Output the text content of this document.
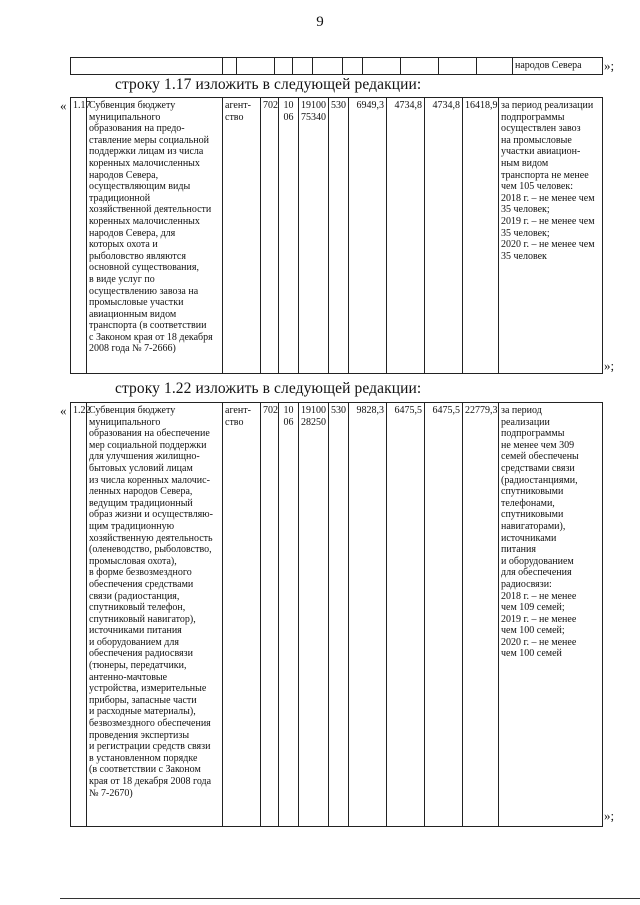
9
											народов Севера »;
строку 1.17 изложить в следующей редакции:
« 1.17	Субвенция бюджету
муниципального
образования на предо-
ставление меры социальной
поддержки лицам из числа
коренных малочисленных
народов Севера,
осуществляющим виды
традиционной
хозяйственной деятельности
коренных малочисленных
народов Севера, для
которых охота и
рыболовство являются
основной существования,
в виде услуг по
осуществлению завоза на
промысловые участки
авиационным видом
транспорта (в соответствии
с Законом края от 18 декабря
2008 года № 7-2666)	агент-
ство	702	10
06	19100
75340	530	6949,3	4734,8	4734,8	16418,9	за период реализации
подпрограммы
осуществлен завоз
на промысловые
участки авиацион-
ным видом
транспорта не менее
чем 105 человек:
2018 г. – не менее чем
35 человек;
2019 г. – не менее чем
35 человек;
2020 г. – не менее чем
35 человек
»;
строку 1.22 изложить в следующей редакции:
« 1.22	Субвенция бюджету
муниципального
образования на обеспечение
мер социальной поддержки
для улучшения жилищно-
бытовых условий лицам
из числа коренных малочис-
ленных народов Севера,
ведущим традиционный
образ жизни и осуществляю-
щим традиционную
хозяйственную деятельность
(оленеводство, рыболовство,
промысловая охота),
в форме безвозмездного
обеспечения средствами
связи (радиостанция,
спутниковый телефон,
спутниковый навигатор),
источниками питания
и оборудованием для
обеспечения радиосвязи
(тюнеры, передатчики,
антенно-мачтовые
устройства, измерительные
приборы, запасные части
и расходные материалы),
безвозмездного обеспечения
проведения экспертизы
и регистрации средств связи
в установленном порядке
(в соответствии с Законом
края от 18 декабря 2008 года
№ 7-2670)	агент-
ство	702	10
06	19100
28250	530	9828,3	6475,5	6475,5	22779,3	за период
реализации
подпрограммы
не менее чем 309
семей обеспечены
средствами связи
(радиостанциями,
спутниковыми
телефонами,
спутниковыми
навигаторами),
источниками
питания
и оборудованием
для обеспечения
радиосвязи:
2018 г. – не менее
чем 109 семей;
2019 г. – не менее
чем 100 семей;
2020 г. – не менее
чем 100 семей
»;
